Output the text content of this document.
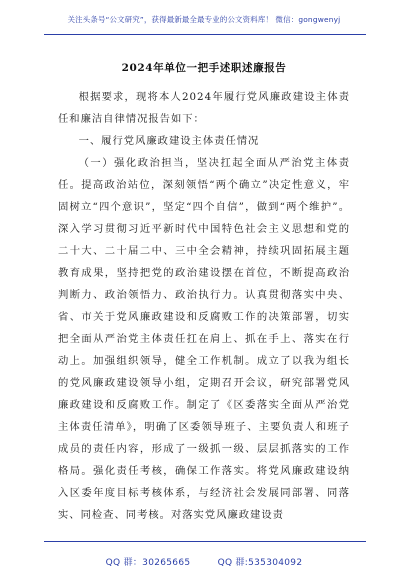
关注头条号“公文研究”，获得最新最全最专业的公文资料库！ 微信：gongwenyj
2024年单位一把手述职述廉报告

根据要求，现将本人2024年履行党风廉政建设主体责任和廉洁自律情况报告如下：

一、履行党风廉政建设主体责任情况

（一）强化政治担当，坚决扛起全面从严治党主体责任。提高政治站位，深刻领悟“两个确立”决定性意义，牢固树立“四个意识”，坚定“四个自信”，做到“两个维护”。深入学习贯彻习近平新时代中国特色社会主义思想和党的二十大、二十届二中、三中全会精神，持续巩固拓展主题教育成果，坚持把党的政治建设摆在首位，不断提高政治判断力、政治领悟力、政治执行力。认真贯彻落实中央、省、市关于党风廉政建设和反腐败工作的决策部署，切实把全面从严治党主体责任扛在肩上、抓在手上、落实在行动上。加强组织领导，健全工作机制。成立了以我为组长的党风廉政建设领导小组，定期召开会议，研究部署党风廉政建设和反腐败工作。制定了《区委落实全面从严治党主体责任清单》，明确了区委领导班子、主要负责人和班子成员的责任内容，形成了一级抓一级、层层抓落实的工作格局。强化责任考核，确保工作落实。将党风廉政建设纳入区委年度目标考核体系，与经济社会发展同部署、同落实、同检查、同考核。对落实党风廉政建设责

QQ 群：30265665	QQ 群:535304092
